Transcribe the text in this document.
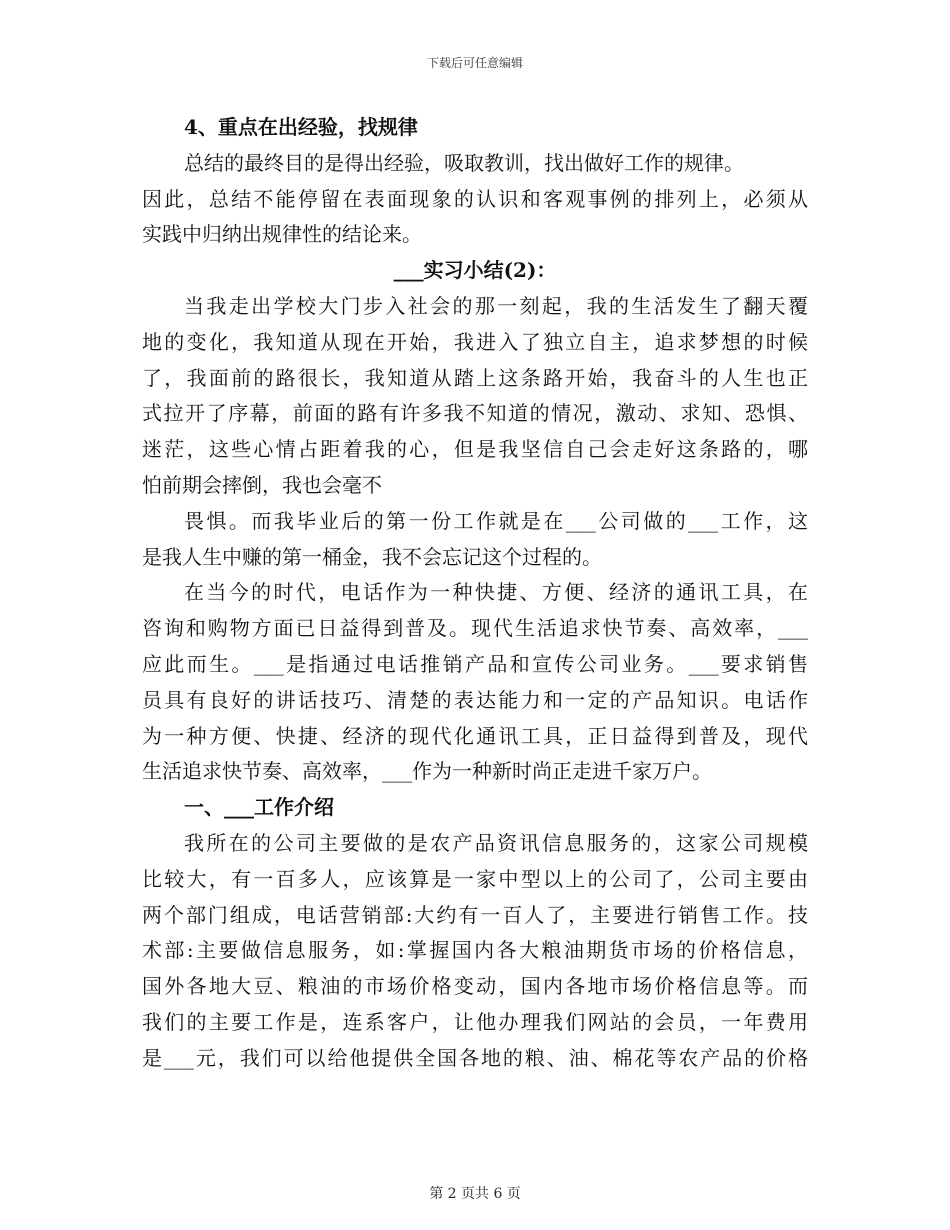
下载后可任意编辑
4、重点在出经验，找规律
总结的最终目的是得出经验，吸取教训，找出做好工作的规律。
因此，总结不能停留在表面现象的认识和客观事例的排列上，必须从
实践中归纳出规律性的结论来。
___实习小结(2)：
当我走出学校大门步入社会的那一刻起，我的生活发生了翻天覆
地的变化，我知道从现在开始，我进入了独立自主，追求梦想的时候
了，我面前的路很长，我知道从踏上这条路开始，我奋斗的人生也正
式拉开了序幕，前面的路有许多我不知道的情况，激动、求知、恐惧、
迷茫，这些心情占距着我的心，但是我坚信自己会走好这条路的，哪
怕前期会摔倒，我也会毫不
畏惧。而我毕业后的第一份工作就是在___公司做的___工作，这
是我人生中赚的第一桶金，我不会忘记这个过程的。
在当今的时代，电话作为一种快捷、方便、经济的通讯工具，在
咨询和购物方面已日益得到普及。现代生活追求快节奏、高效率，___
应此而生。___是指通过电话推销产品和宣传公司业务。___要求销售
员具有良好的讲话技巧、清楚的表达能力和一定的产品知识。电话作
为一种方便、快捷、经济的现代化通讯工具，正日益得到普及，现代
生活追求快节奏、高效率，___作为一种新时尚正走进千家万户。
一、___工作介绍
我所在的公司主要做的是农产品资讯信息服务的，这家公司规模
比较大，有一百多人，应该算是一家中型以上的公司了，公司主要由
两个部门组成，电话营销部:大约有一百人了，主要进行销售工作。技
术部:主要做信息服务，如:掌握国内各大粮油期货市场的价格信息，
国外各地大豆、粮油的市场价格变动，国内各地市场价格信息等。而
我们的主要工作是，连系客户，让他办理我们网站的会员，一年费用
是___元，我们可以给他提供全国各地的粮、油、棉花等农产品的价格
第 2 页共 6 页
